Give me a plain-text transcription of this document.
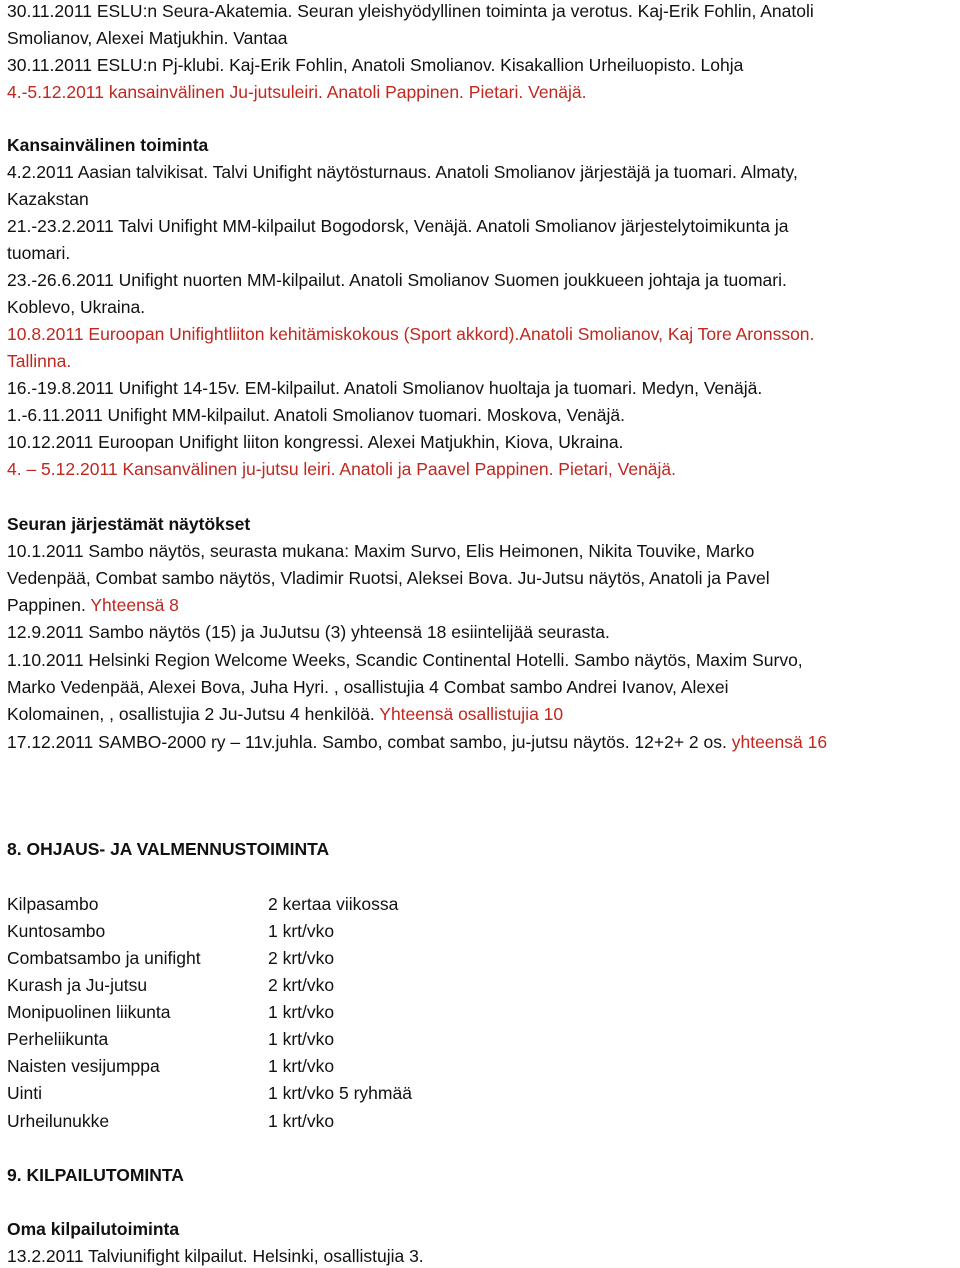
30.11.2011 ESLU:n Seura-Akatemia. Seuran yleishyödyllinen toiminta ja verotus. Kaj-Erik Fohlin, Anatoli
Smolianov, Alexei Matjukhin. Vantaa
30.11.2011 ESLU:n Pj-klubi. Kaj-Erik Fohlin, Anatoli Smolianov. Kisakallion Urheiluopisto. Lohja
4.-5.12.2011 kansainvälinen Ju-jutsuleiri. Anatoli Pappinen. Pietari. Venäjä.
Kansainvälinen toiminta
4.2.2011 Aasian talvikisat. Talvi Unifight näytösturnaus. Anatoli Smolianov järjestäjä ja tuomari. Almaty,
Kazakstan
21.-23.2.2011 Talvi Unifight MM-kilpailut Bogodorsk, Venäjä. Anatoli Smolianov järjestelytoimikunta ja
tuomari.
23.-26.6.2011 Unifight nuorten MM-kilpailut. Anatoli Smolianov Suomen joukkueen johtaja ja tuomari.
Koblevo, Ukraina.
10.8.2011 Euroopan Unifightliiton kehitämiskokous (Sport akkord).Anatoli Smolianov, Kaj Tore Aronsson.
Tallinna.
16.-19.8.2011 Unifight 14-15v. EM-kilpailut. Anatoli Smolianov huoltaja ja tuomari. Medyn, Venäjä.
1.-6.11.2011 Unifight MM-kilpailut. Anatoli Smolianov tuomari. Moskova, Venäjä.
10.12.2011 Euroopan Unifight liiton kongressi. Alexei Matjukhin, Kiova, Ukraina.
4. – 5.12.2011 Kansanvälinen ju-jutsu leiri. Anatoli ja Paavel Pappinen. Pietari, Venäjä.
Seuran järjestämät näytökset
10.1.2011 Sambo näytös, seurasta mukana: Maxim Survo, Elis Heimonen, Nikita Touvike, Marko
Vedenpää, Combat sambo näytös, Vladimir Ruotsi, Aleksei Bova. Ju-Jutsu näytös, Anatoli ja Pavel
Pappinen. Yhteensä 8
12.9.2011 Sambo näytös (15) ja JuJutsu (3) yhteensä 18 esiintelijää seurasta.
1.10.2011 Helsinki Region Welcome Weeks, Scandic Continental Hotelli. Sambo näytös, Maxim Survo,
Marko Vedenpää, Alexei Bova, Juha Hyri. , osallistujia 4 Combat sambo Andrei Ivanov, Alexei
Kolomainen, , osallistujia 2 Ju-Jutsu 4 henkilöä. Yhteensä osallistujia 10
17.12.2011 SAMBO-2000 ry – 11v.juhla. Sambo, combat sambo, ju-jutsu näytös. 12+2+ 2 os. yhteensä 16
8. OHJAUS- JA VALMENNUSTOIMINTA
Kilpasambo	2 kertaa viikossa
Kuntosambo	1 krt/vko
Combatsambo ja unifight	2 krt/vko
Kurash ja Ju-jutsu	2 krt/vko
Monipuolinen liikunta	1 krt/vko
Perheliikunta	1 krt/vko
Naisten vesijumppa	1 krt/vko
Uinti	1 krt/vko 5 ryhmää
Urheilunukke	1 krt/vko
9. KILPAILUTOMINTA
Oma kilpailutoiminta
13.2.2011 Talviunifight kilpailut. Helsinki, osallistujia 3.
